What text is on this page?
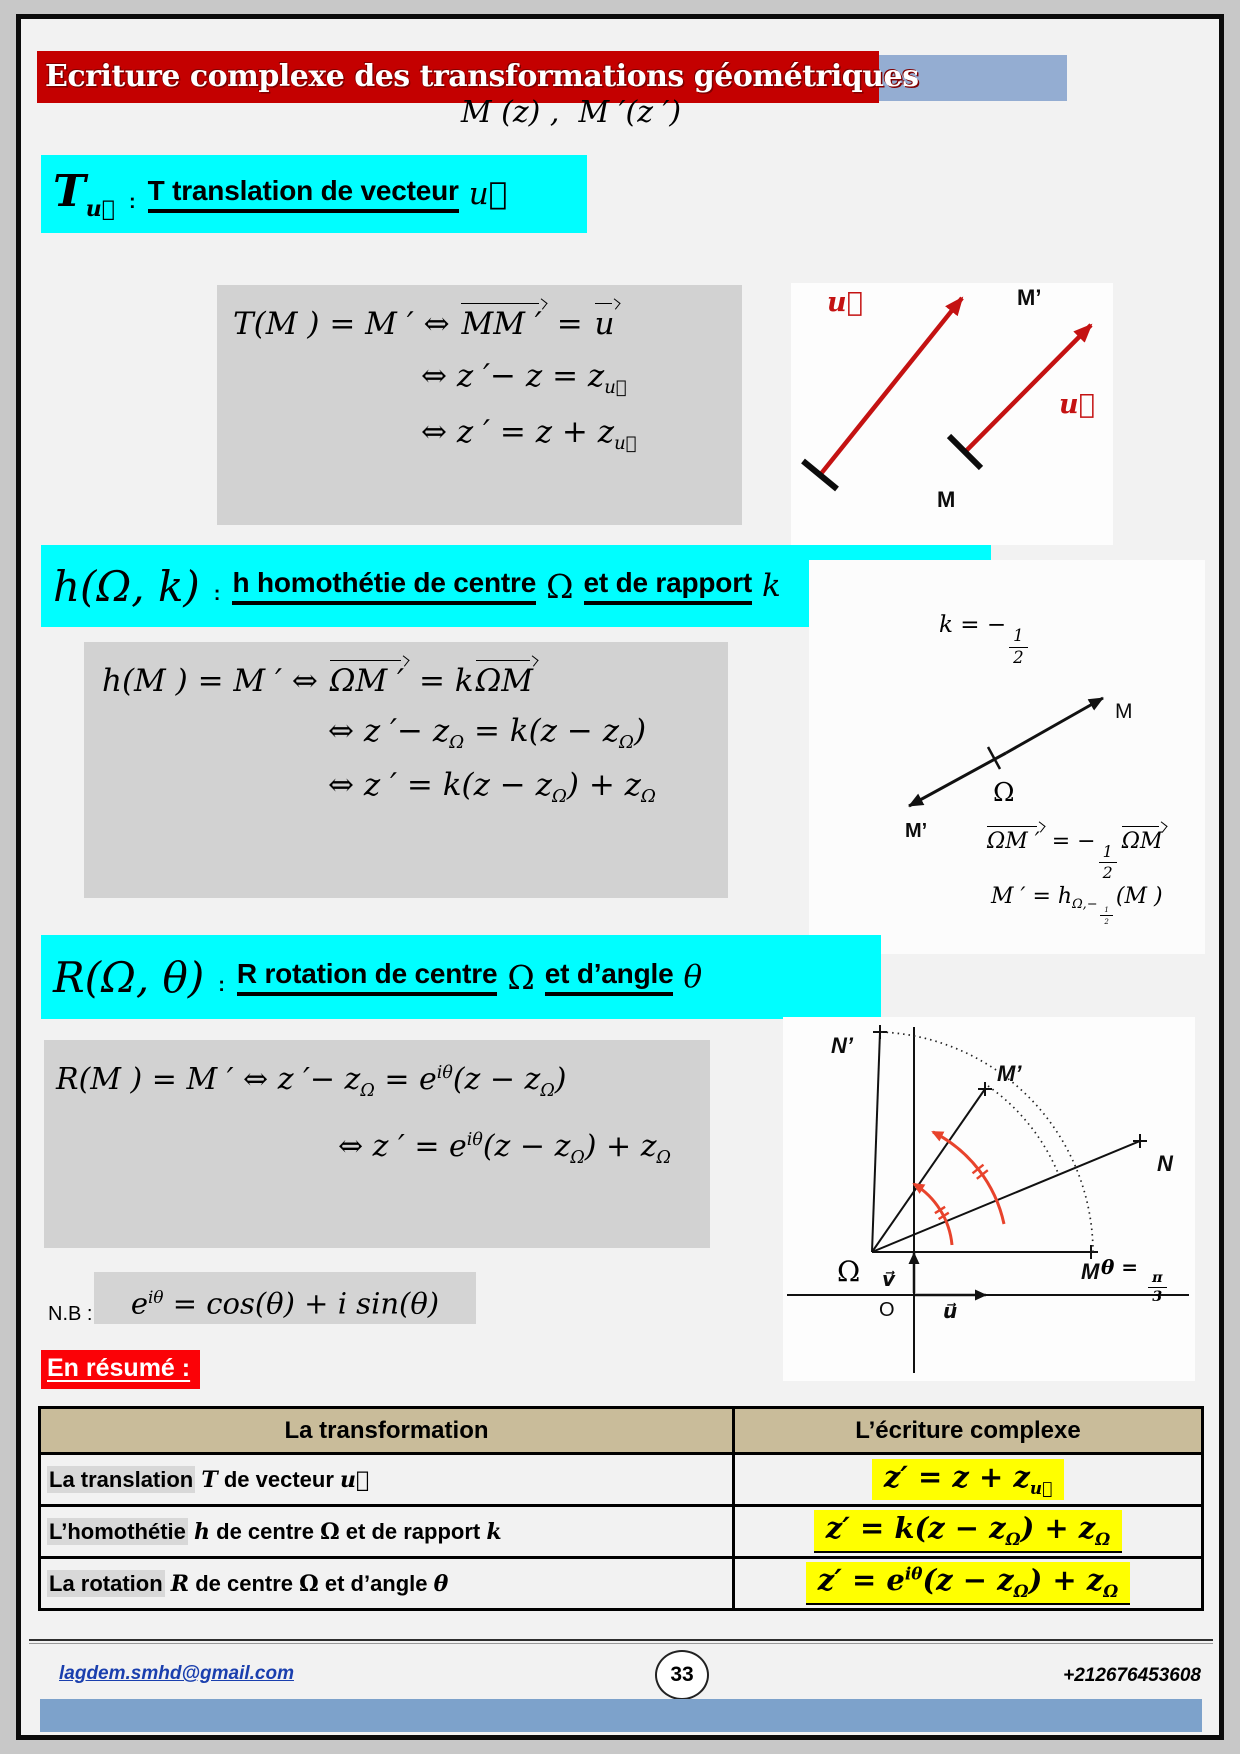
Ecriture complexe des transformations géométriques
M (z) ,  M ′(z ′)
$T_{u⃗}$ : T translation de vecteur u⃗
T(M ) = M ′ ⇔ MM ′ = u
⇔ z ′− $z = z_{u⃗}$
⇔ z ′ = $z + z_{u⃗}$
u⃗	M’
u⃗
M
h(Ω, k) : h homothétie de centre Ω et de rapport k
h(M ) = M ′ ⇔ ΩM ′ = kΩM
⇔ z ′− $z_\Omega = k(z - z_\Omega)$
⇔ z ′ = $k(z - z_\Omega) + z_\Omega$
k = −
$\frac{1}{2}$
M
Ω
M’	ΩM ′ = −
$\frac{1}{2}$
ΩM
M ′ = $h_{\Omega,- \frac{1}{2}}$
(M )
R(Ω, θ) : R rotation de centre Ω et d’angle θ
R(M ) = M ′ ⇔ z ′− $z_\Omega = e^{i\theta}(z - z_\Omega)$
⇔ z ′ = $e^{i\theta}(z - z_\Omega) + z_\Omega$
N’
M’
N
M
Ω v⃗
O u⃗
θ =
$\frac{\pi}{3}$
N.B :	$e^{i\theta} = \cos(\theta) + i$ sin(θ)
En résumé :
La transformation	L’écriture complexe
La translation T de vecteur u⃗	$z' = z + z_{u⃗}$
L’homothétie h de centre Ω et de rapport k	$z' = k(z - z_\Omega) + z_\Omega$
La rotation R de centre Ω et d’angle θ	$z' = e^{i\theta}(z - z_\Omega) + z_\Omega$
lagdem.smhd@gmail.com	33	+212676453608
